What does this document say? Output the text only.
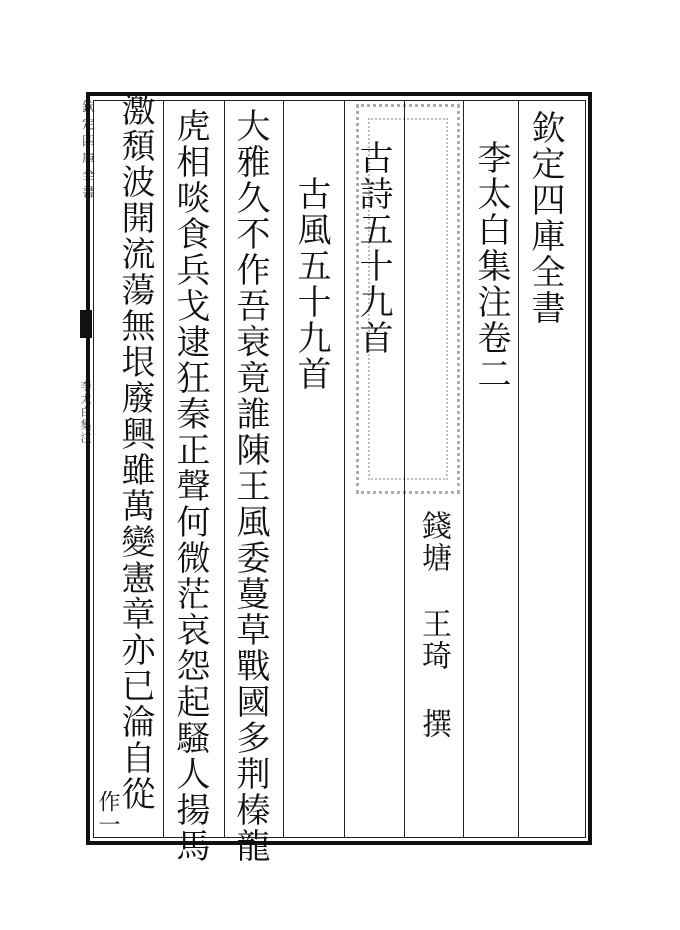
欽定四庫全書
李太白集注
欽定四庫全書
李太白集注卷二
錢塘
王琦
撰
古詩五十九首
古風五十九首
大雅久不作吾衰竟誰陳王風委蔓草戰國多荆榛龍
虎相啖食兵戈逮狂秦正聲何微茫哀怨起騷人揚馬
激頹波開流蕩無垠廢興雖萬變憲章亦已淪自從
作一
